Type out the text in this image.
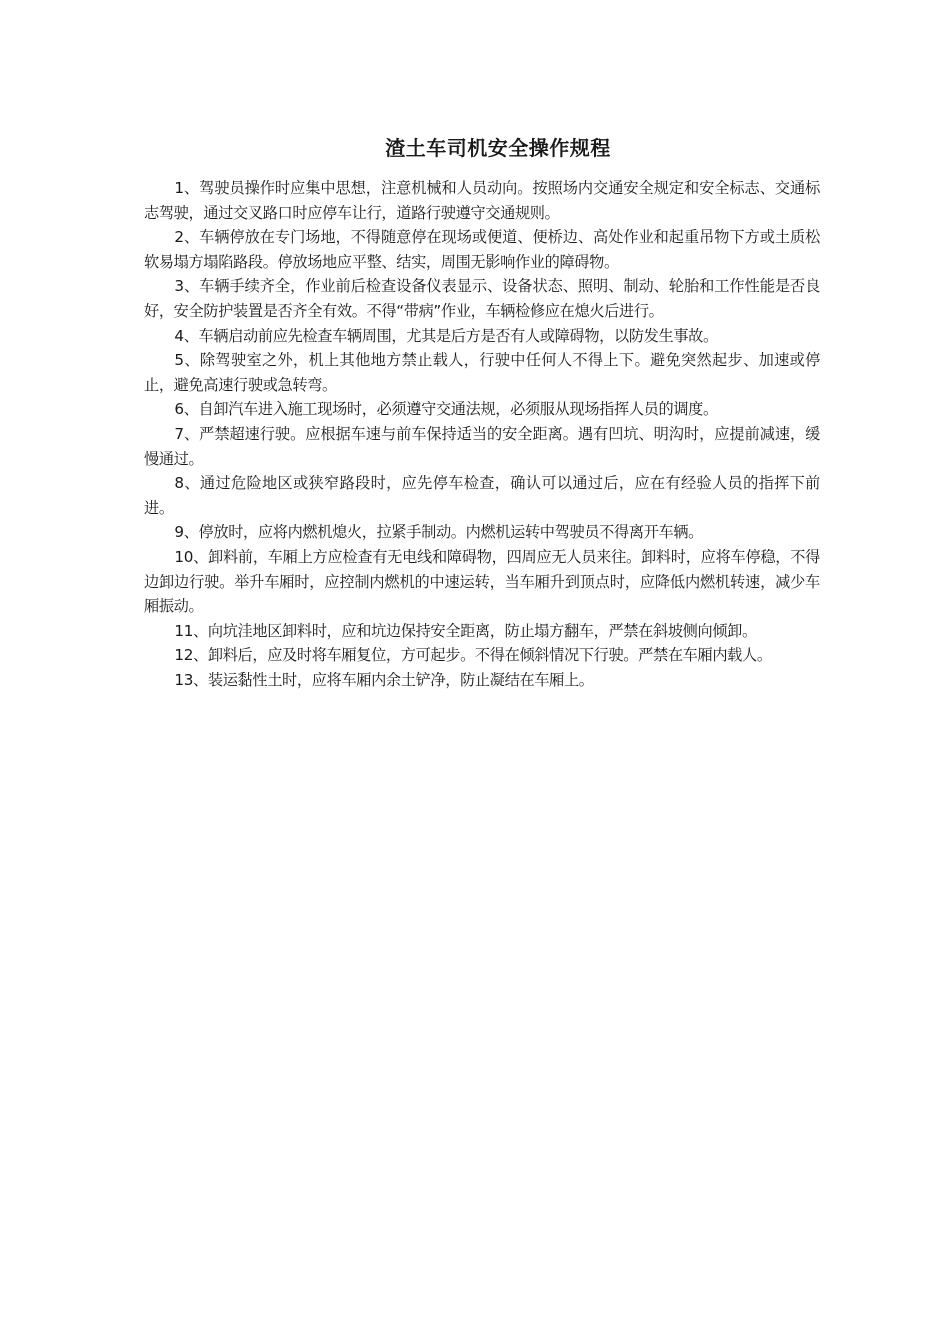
渣土车司机安全操作规程

1、驾驶员操作时应集中思想，注意机械和人员动向。按照场内交通安全规定和安全标志、交通标志驾驶，通过交叉路口时应停车让行，道路行驶遵守交通规则。

2、车辆停放在专门场地，不得随意停在现场或便道、便桥边、高处作业和起重吊物下方或土质松软易塌方塌陷路段。停放场地应平整、结实，周围无影响作业的障碍物。

3、车辆手续齐全，作业前后检查设备仪表显示、设备状态、照明、制动、轮胎和工作性能是否良好，安全防护装置是否齐全有效。不得“带病”作业，车辆检修应在熄火后进行。

4、车辆启动前应先检查车辆周围，尤其是后方是否有人或障碍物，以防发生事故。

5、除驾驶室之外，机上其他地方禁止载人，行驶中任何人不得上下。避免突然起步、加速或停止，避免高速行驶或急转弯。

6、自卸汽车进入施工现场时，必须遵守交通法规，必须服从现场指挥人员的调度。

7、严禁超速行驶。应根据车速与前车保持适当的安全距离。遇有凹坑、明沟时，应提前减速，缓慢通过。

8、通过危险地区或狭窄路段时，应先停车检查，确认可以通过后，应在有经验人员的指挥下前进。

9、停放时，应将内燃机熄火，拉紧手制动。内燃机运转中驾驶员不得离开车辆。

10、卸料前，车厢上方应检查有无电线和障碍物，四周应无人员来往。卸料时，应将车停稳，不得边卸边行驶。举升车厢时，应控制内燃机的中速运转，当车厢升到顶点时，应降低内燃机转速，减少车厢振动。

11、向坑洼地区卸料时，应和坑边保持安全距离，防止塌方翻车，严禁在斜坡侧向倾卸。

12、卸料后，应及时将车厢复位，方可起步。不得在倾斜情况下行驶。严禁在车厢内载人。

13、装运黏性土时，应将车厢内余土铲净，防止凝结在车厢上。
